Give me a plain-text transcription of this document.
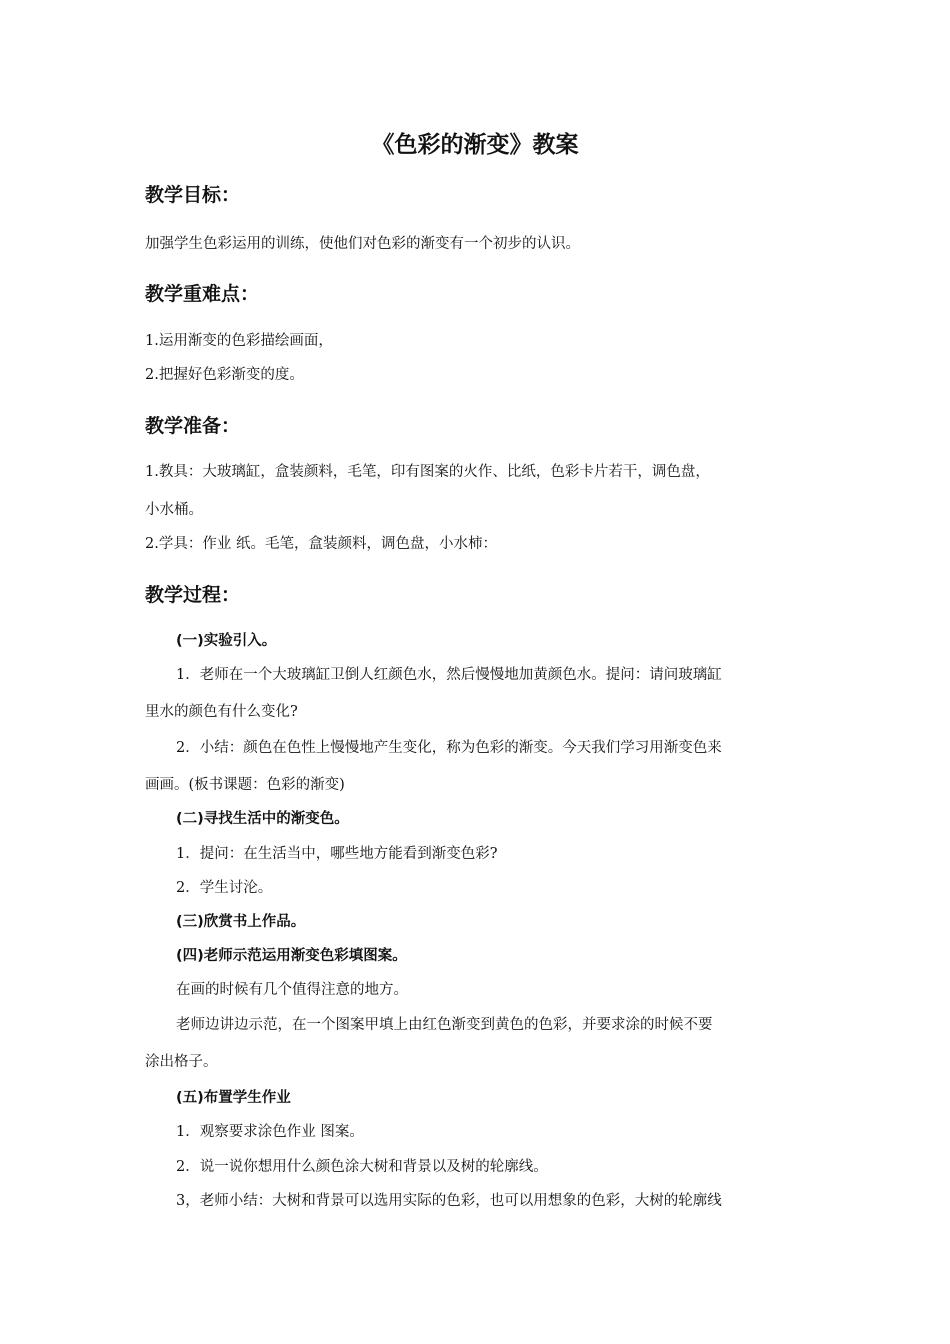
《色彩的渐变》教案
教学目标：
加强学生色彩运用的训练，使他们对色彩的渐变有一个初步的认识。
教学重难点：
1.运用渐变的色彩描绘画面，
2.把握好色彩渐变的度。
教学准备：
1.教具：大玻璃缸，盒装颜料，毛笔，印有图案的火作、比纸，色彩卡片若干，调色盘，
小水桶。
2.学具：作业 纸。毛笔，盒装颜料，调色盘，小水柿：
教学过程：
(一)实验引入。
1．老师在一个大玻璃缸卫倒人红颜色水，然后慢慢地加黄颜色水。提问：请问玻璃缸
里水的颜色有什么变化?
2．小结：颜色在色性上慢慢地产生变化，称为色彩的渐变。今天我们学习用渐变色来
画画。(板书课题：色彩的渐变)
(二)寻找生活中的渐变色。
1．提问：在生活当中，哪些地方能看到渐变色彩?
2．学生讨沦。
(三)欣赏书上作品。
(四)老师示范运用渐变色彩填图案。
在画的时候有几个值得注意的地方。
老师边讲边示范，在一个图案甲填上由红色渐变到黄色的色彩，并要求涂的时候不要
涂出格子。
(五)布置学生作业
1．观察要求涂色作业 图案。
2．说一说你想用什么颜色涂大树和背景以及树的轮廓线。
3，老师小结：大树和背景可以选用实际的色彩，也可以用想象的色彩，大树的轮廓线
